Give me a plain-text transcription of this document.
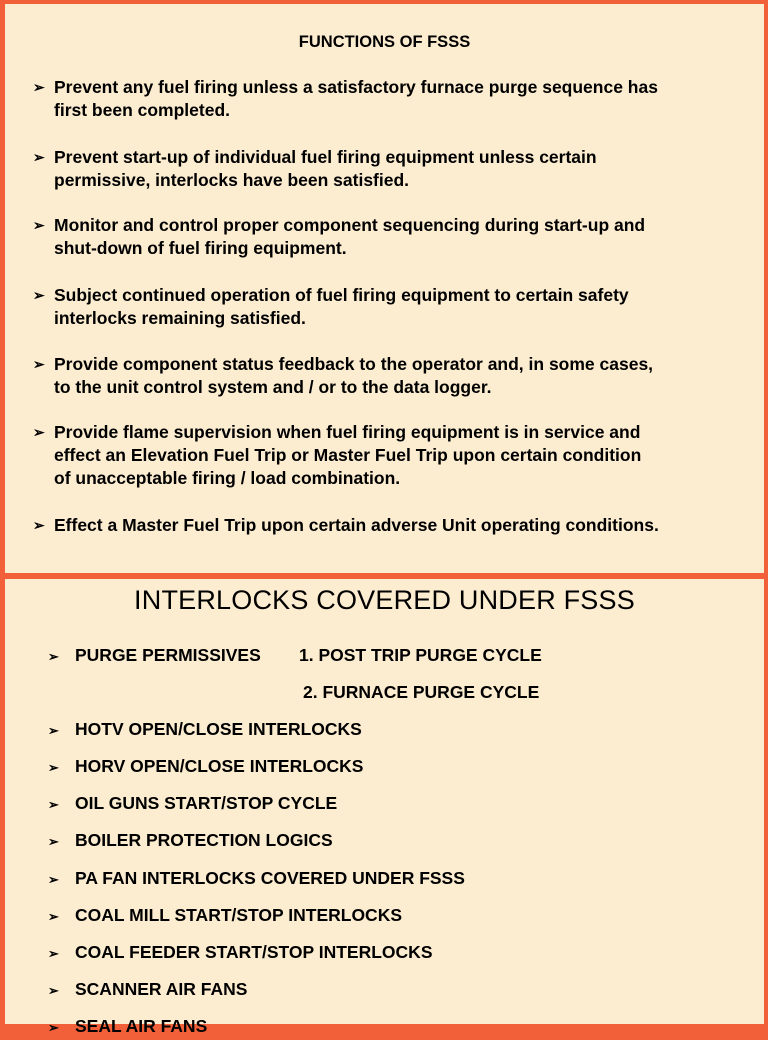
FUNCTIONS OF FSSS
➢ Prevent any fuel firing unless a satisfactory furnace purge sequence has
first been completed.
➢ Prevent start-up of individual fuel firing equipment unless certain
permissive, interlocks have been satisfied.
➢ Monitor and control proper component sequencing during start-up and
shut-down of fuel firing equipment.
➢ Subject continued operation of fuel firing equipment to certain safety
interlocks remaining satisfied.
➢ Provide component status feedback to the operator and, in some cases,
to the unit control system and / or to the data logger.
➢ Provide flame supervision when fuel firing equipment is in service and
effect an Elevation Fuel Trip or Master Fuel Trip upon certain condition
of unacceptable firing / load combination.
➢ Effect a Master Fuel Trip upon certain adverse Unit operating conditions.
INTERLOCKS COVERED UNDER FSSS
➢ PURGE PERMISSIVES 1. POST TRIP PURGE CYCLE
2. FURNACE PURGE CYCLE
➢ HOTV OPEN/CLOSE INTERLOCKS
➢ HORV OPEN/CLOSE INTERLOCKS
➢ OIL GUNS START/STOP CYCLE
➢ BOILER PROTECTION LOGICS
➢ PA FAN INTERLOCKS COVERED UNDER FSSS
➢ COAL MILL START/STOP INTERLOCKS
➢ COAL FEEDER START/STOP INTERLOCKS
➢ SCANNER AIR FANS
➢ SEAL AIR FANS
